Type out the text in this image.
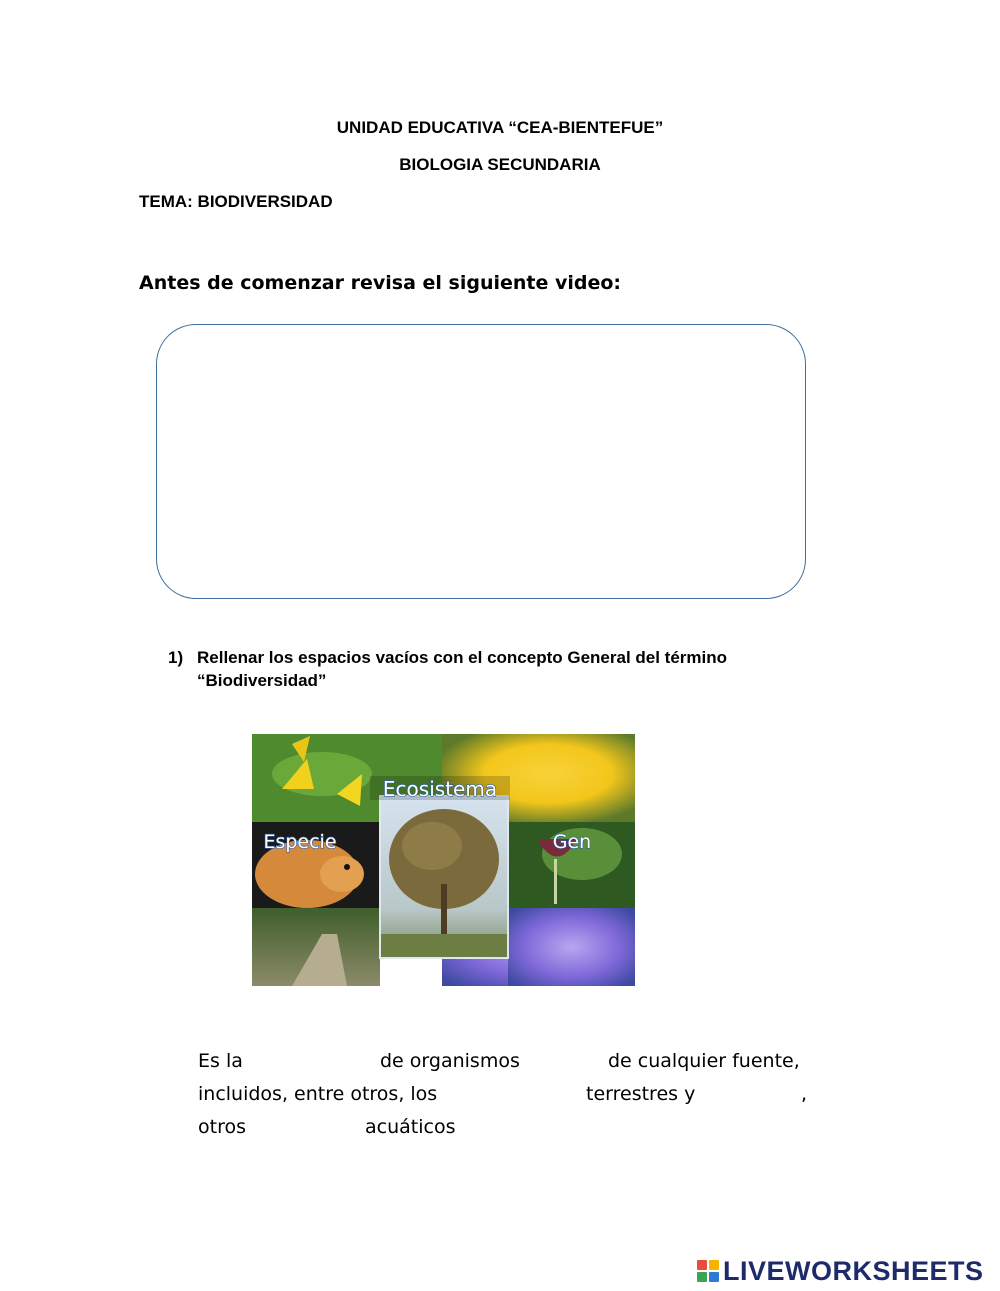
UNIDAD EDUCATIVA “CEA-BIENTEFUE”
BIOLOGIA SECUNDARIA
TEMA: BIODIVERSIDAD
Antes de comenzar revisa el siguiente video:
1) Rellenar los espacios vacíos con el concepto General del término
“Biodiversidad”
Ecosistema
Especie	Gen
Es la	de organismos	de cualquier fuente,
incluidos, entre otros, los	terrestres y	,
otros	acuáticos
LIVEWORKSHEETS
